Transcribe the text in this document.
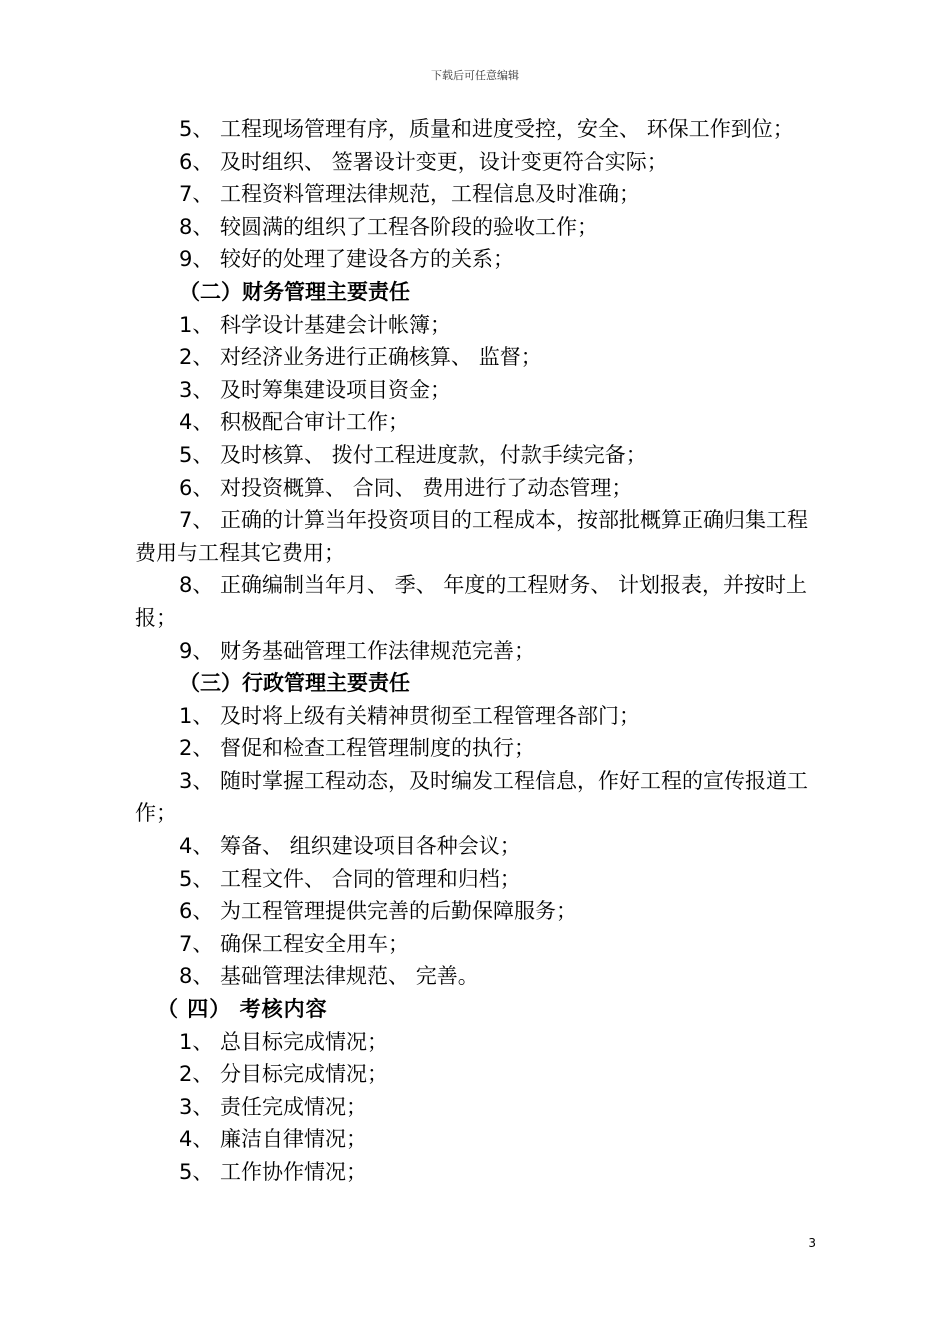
下载后可任意编辑

5、 工程现场管理有序，质量和进度受控，安全、 环保工作到位；

6、 及时组织、 签署设计变更，设计变更符合实际；

7、 工程资料管理法律规范，工程信息及时准确；

8、 较圆满的组织了工程各阶段的验收工作；

9、 较好的处理了建设各方的关系；

（二）财务管理主要责任

1、 科学设计基建会计帐簿；

2、 对经济业务进行正确核算、 监督；

3、 及时筹集建设项目资金；

4、 积极配合审计工作；

5、 及时核算、 拨付工程进度款，付款手续完备；

6、 对投资概算、 合同、 费用进行了动态管理；

7、 正确的计算当年投资项目的工程成本，按部批概算正确归集工程费用与工程其它费用；

8、 正确编制当年月、 季、 年度的工程财务、 计划报表，并按时上报；

9、 财务基础管理工作法律规范完善；

（三）行政管理主要责任

1、 及时将上级有关精神贯彻至工程管理各部门；

2、 督促和检查工程管理制度的执行；

3、 随时掌握工程动态，及时编发工程信息，作好工程的宣传报道工作；

4、 筹备、 组织建设项目各种会议；

5、 工程文件、 合同的管理和归档；

6、 为工程管理提供完善的后勤保障服务；

7、 确保工程安全用车；

8、 基础管理法律规范、 完善。

（ 四） 考核内容

1、 总目标完成情况；

2、 分目标完成情况；

3、 责任完成情况；

4、 廉洁自律情况；

5、 工作协作情况；

3
